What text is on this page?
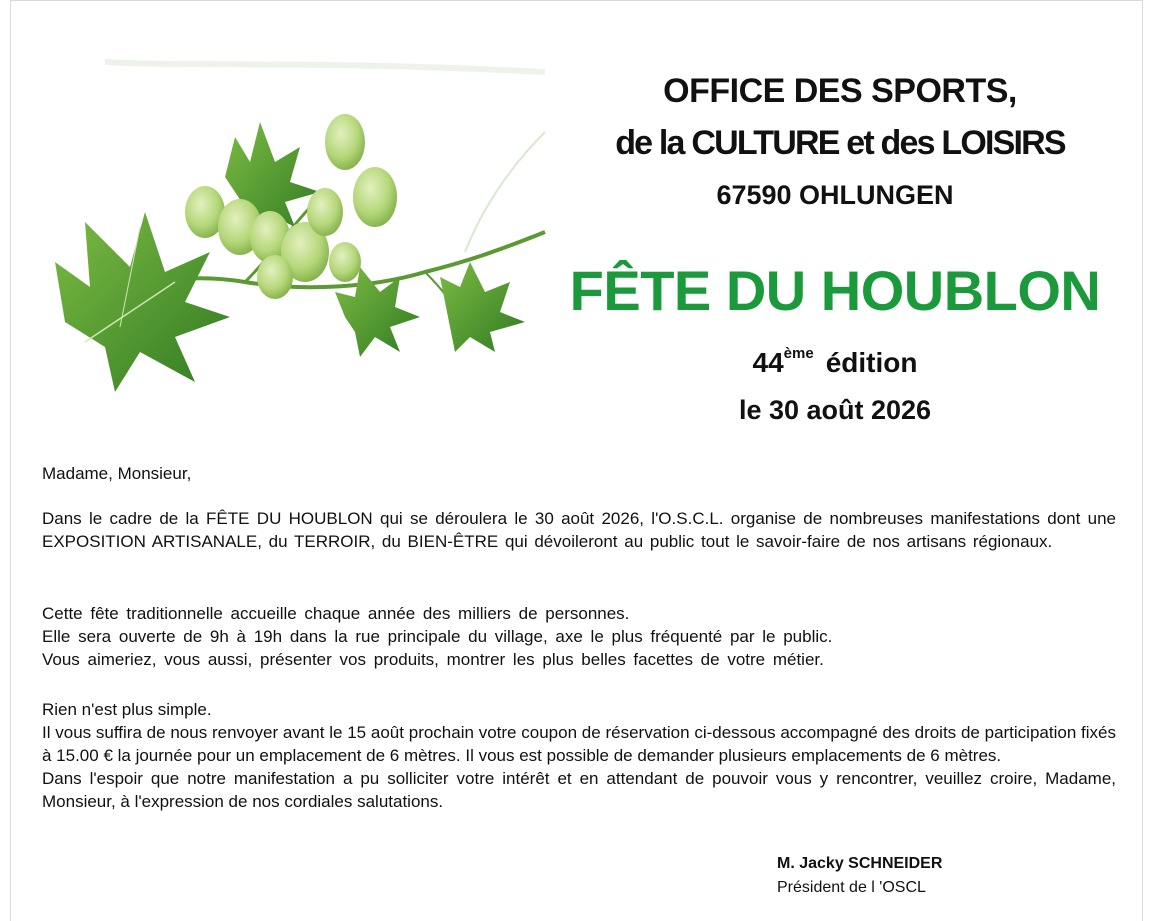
OFFICE DES SPORTS,
de la CULTURE et des LOISIRS
67590 OHLUNGEN
FÊTE DU HOUBLON
44ème édition
le 30 août 2026
Madame, Monsieur,

Dans le cadre de la FÊTE DU HOUBLON qui se déroulera le 30 août 2026, l'O.S.C.L. organise de nombreuses manifestations dont une EXPOSITION ARTISANALE, du TERROIR, du BIEN-ÊTRE qui dévoileront au public tout le savoir-faire de nos artisans régionaux.

Cette fête traditionnelle accueille chaque année des milliers de personnes.

Elle sera ouverte de 9h à 19h dans la rue principale du village, axe le plus fréquenté par le public.

Vous aimeriez, vous aussi, présenter vos produits, montrer les plus belles facettes de votre métier.

Rien n'est plus simple.

Il vous suffira de nous renvoyer avant le 15 août prochain votre coupon de réservation ci-dessous accompagné des droits de participation fixés à 15.00 € la journée pour un emplacement de 6 mètres. Il vous est possible de demander plusieurs emplacements de 6 mètres.

Dans l'espoir que notre manifestation a pu solliciter votre intérêt et en attendant de pouvoir vous y rencontrer, veuillez croire, Madame, Monsieur, à l'expression de nos cordiales salutations.

M. Jacky SCHNEIDER
Président de l 'OSCL
